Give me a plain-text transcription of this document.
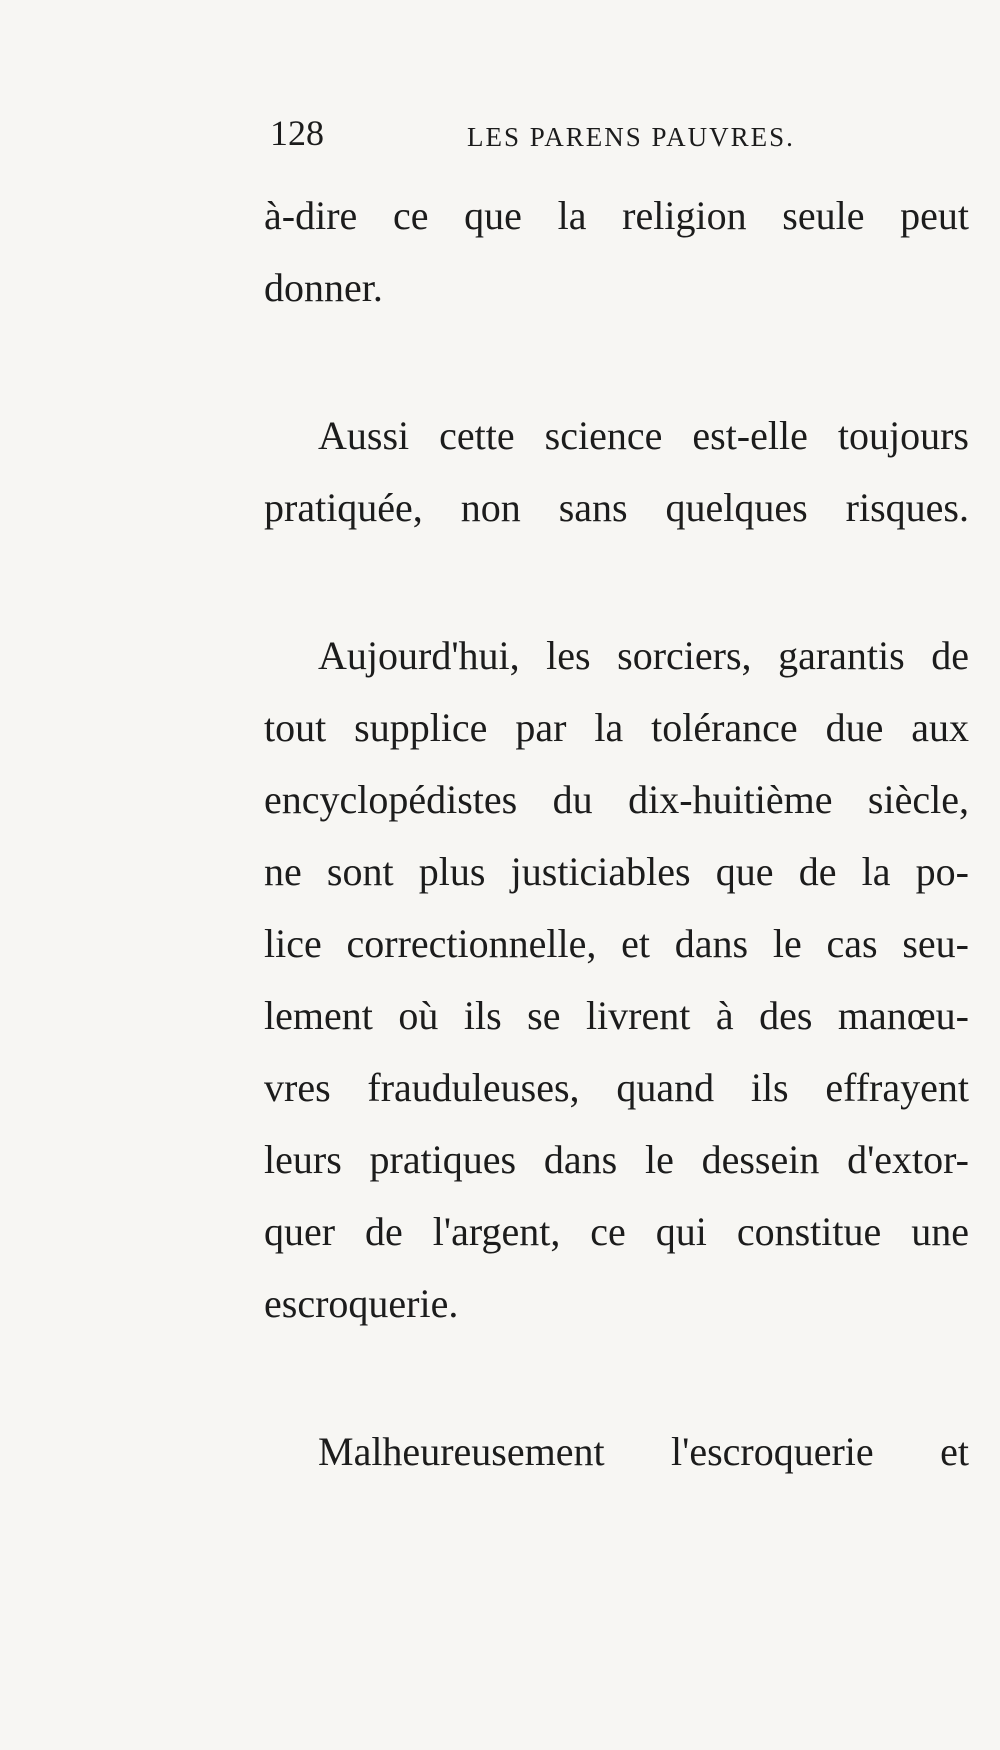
128	LES PARENS PAUVRES.
à-dire ce que la religion seule peut
donner.
Aussi cette science est-elle toujours
pratiquée, non sans quelques risques.
Aujourd'hui, les sorciers, garantis de
tout supplice par la tolérance due aux
encyclopédistes du dix-huitième siècle,
ne sont plus justiciables que de la po-
lice correctionnelle, et dans le cas seu-
lement où ils se livrent à des manœu-
vres frauduleuses, quand ils effrayent
leurs pratiques dans le dessein d'extor-
quer de l'argent, ce qui constitue une
escroquerie.
Malheureusement l'escroquerie et
